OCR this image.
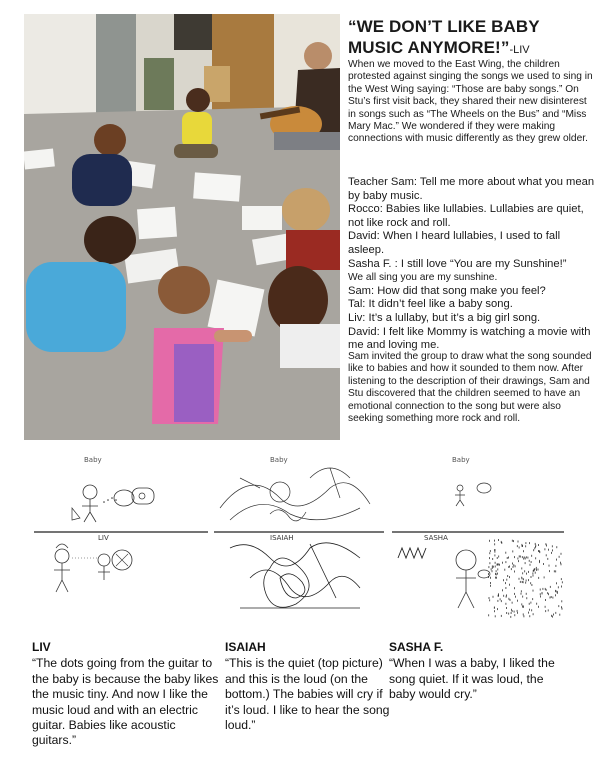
“WE DON’T LIKE BABY MUSIC ANYMORE!”-LIV
When we moved to the East Wing, the children protested against singing the songs we used to sing in the West Wing saying: “Those are baby songs.” On Stu’s first visit back, they shared their new disinterest in songs such as “The Wheels on the Bus” and “Miss Mary Mac.” We wondered if they were making connections with music differently as they grew older.
Teacher Sam: Tell me more about what you mean by baby music.
Rocco: Babies like lullabies. Lullabies are quiet, not like rock and roll.
David: When I heard lullabies, I used to fall asleep.
Sasha F. : I still love “You are my Sunshine!”
We all sing you are my sunshine.
Sam: How did that song make you feel?
Tal: It didn’t feel like a baby song.
Liv: It’s a lullaby, but it’s a big girl song.
David: I felt like Mommy is watching a movie with me and loving me.
Sam invited the group to draw what the song sounded like to babies and how it sounded to them now. After listening to the description of their drawings, Sam and Stu discovered that the children seemed to have an emotional connection to the song but were also seeking something more rock and roll.
Baby
LIV
Baby
ISAIAH
Baby
SASHA
LIV
“The dots going from the guitar to the baby is because the baby likes the music tiny. And now I like the music loud and with an electric guitar. Babies like acoustic guitars.”
ISAIAH
“This is the quiet (top picture) and this is the loud (on the bottom.) The babies will cry if it’s loud. I like to hear the song loud.”
SASHA F.
“When I was a baby, I liked the song quiet. If it was loud, the baby would cry.”
